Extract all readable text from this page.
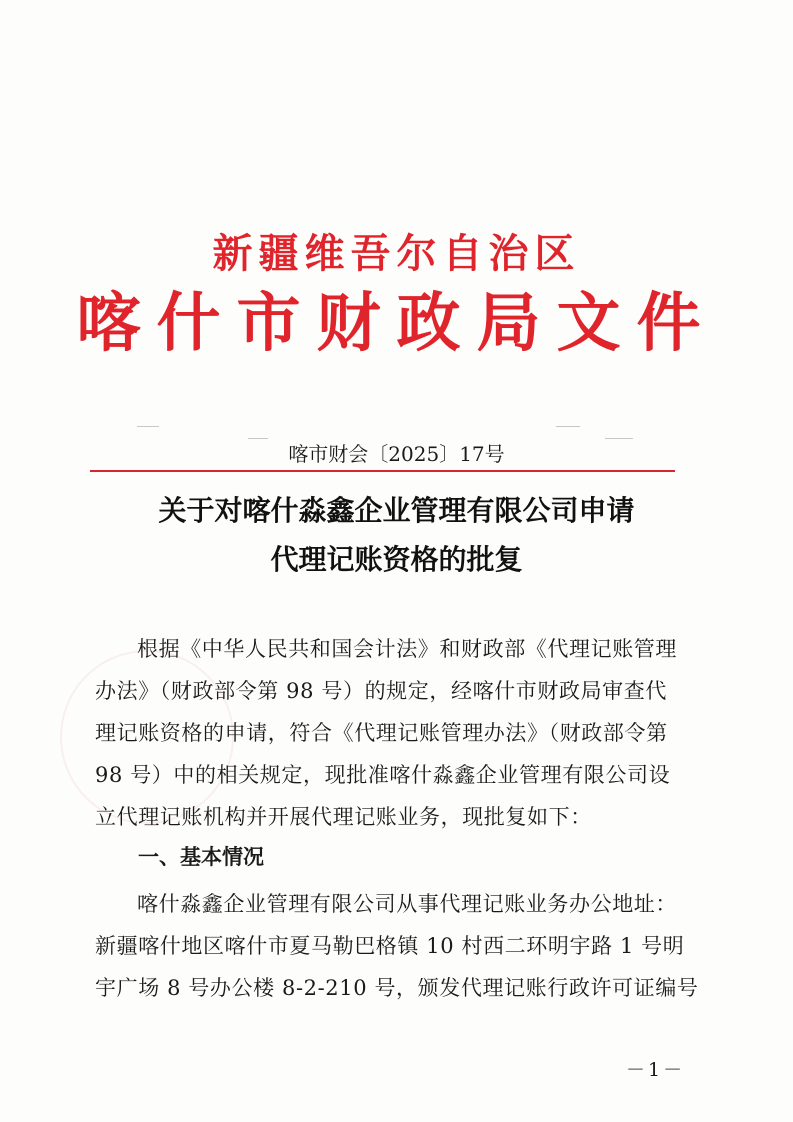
新疆维吾尔自治区
喀什市财政局文件
喀市财会〔2025〕17号
关于对喀什淼鑫企业管理有限公司申请
代理记账资格的批复
根据《中华人民共和国会计法》和财政部《代理记账管理
办法》（财政部令第 98 号）的规定，经喀什市财政局审查代
理记账资格的申请，符合《代理记账管理办法》（财政部令第
98 号）中的相关规定，现批准喀什淼鑫企业管理有限公司设
立代理记账机构并开展代理记账业务，现批复如下：
一、基本情况
喀什淼鑫企业管理有限公司从事代理记账业务办公地址：
新疆喀什地区喀什市夏马勒巴格镇 10 村西二环明宇路 1 号明
宇广场 8 号办公楼 8-2-210 号，颁发代理记账行政许可证编号
－1－
